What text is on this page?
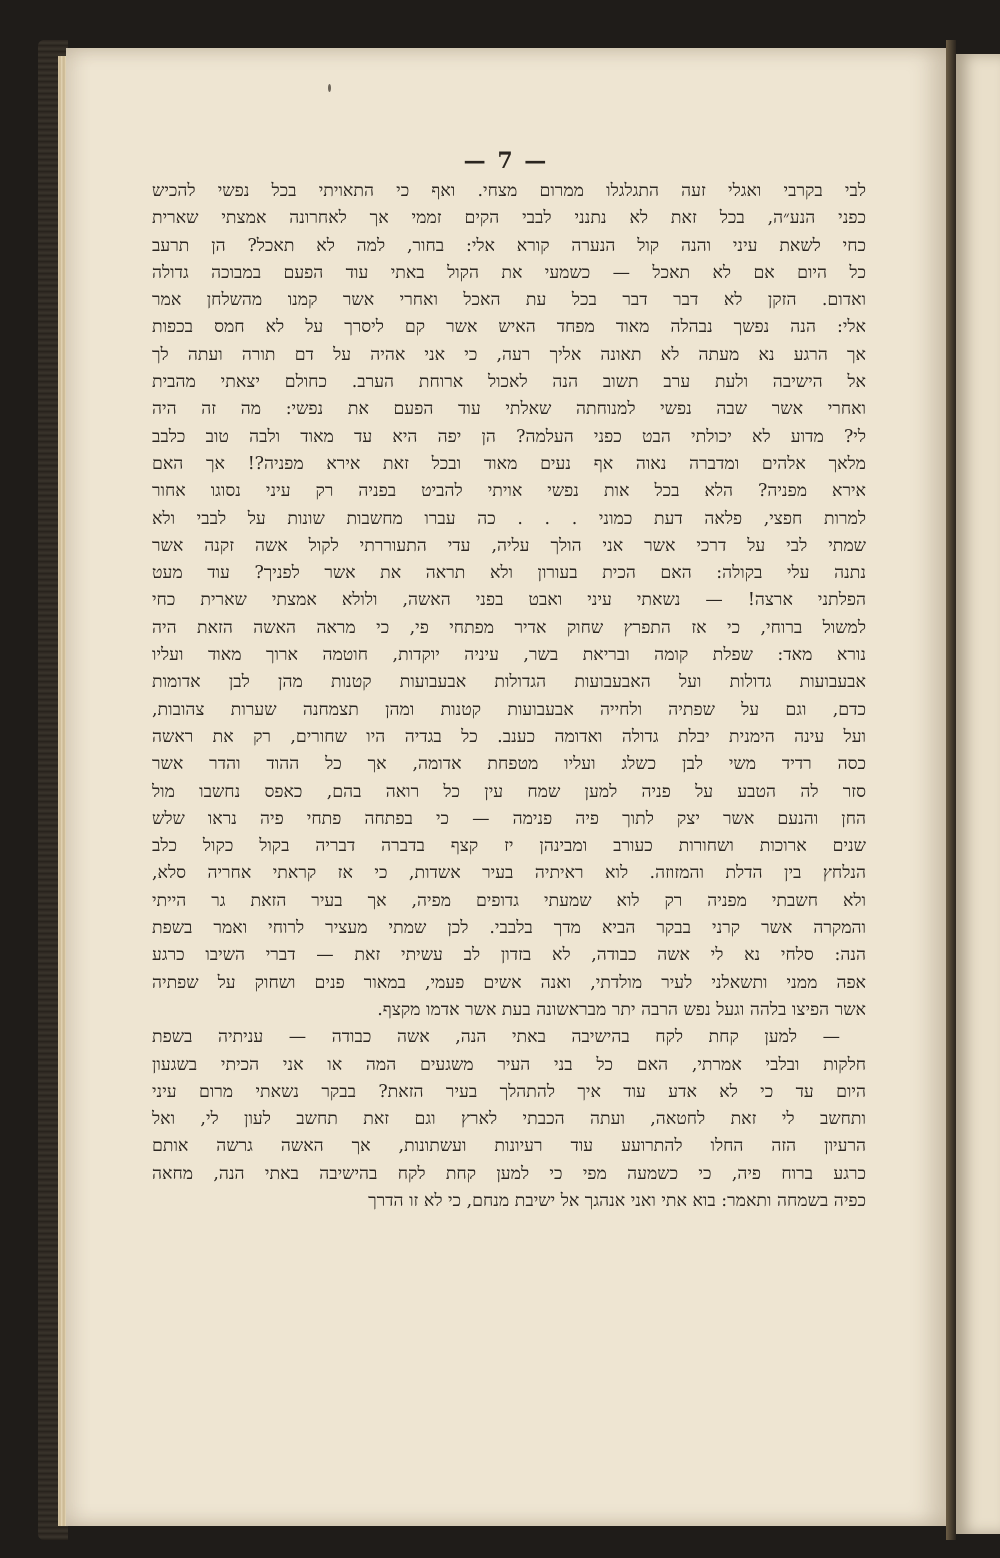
— 7 —
לבי בקרבי ואגלי זעה התגלגלו ממרום מצחי. ואף כי התאויתי בכל נפשי להכיש
כפני הנע״ה, בכל זאת לא נתנני לבבי הקים זממי אך לאחרונה אמצתי שארית
כחי לשאת עיני והנה קול הנערה קורא אלי: בחור, למה לא תאכל? הן תרעב
כל היום אם לא תאכל — כשמעי את הקול באתי עוד הפעם במבוכה גדולה
ואדום. הזקן לא דבר דבר בכל עת האכל ואחרי אשר קמנו מהשלחן אמר
אלי: הנה נפשך נבהלה מאוד מפחד האיש אשר קם ליסרך על לא חמס בכפות
אך הרגע נא מעתה לא תאונה אליך רעה, כי אני אהיה על דם תורה ועתה לך
אל הישיבה ולעת ערב תשוב הנה לאכול ארוחת הערב. כחולם יצאתי מהבית
ואחרי אשר שבה נפשי למנוחתה שאלתי עוד הפעם את נפשי: מה זה היה
לי? מדוע לא יכולתי הבט כפני העלמה? הן יפה היא עד מאוד ולבה טוב כלבב
מלאך אלהים ומדברה נאוה אף נעים מאוד ובכל זאת אירא מפניה?! אך האם
אירא מפניה? הלא בכל אות נפשי אויתי להביט בפניה רק עיני נסוגו אחור
למרות חפצי, פלאה דעת כמוני . . . כה עברו מחשבות שונות על לבבי ולא
שמתי לבי על דרכי אשר אני הולך עליה, עדי התעוררתי לקול אשה זקנה אשר
נתנה עלי בקולה: האם הכית בעורון ולא תראה את אשר לפניך? עוד מעט
הפלתני ארצה! — נשאתי עיני ואבט בפני האשה, ולולא אמצתי שארית כחי
למשול ברוחי, כי אז התפרץ שחוק אדיר מפתחי פי, כי מראה האשה הזאת היה
נורא מאד: שפלת קומה ובריאת בשר, עיניה יוקדות, חוטמה ארוך מאוד ועליו
אבעבועות גדולות ועל האבעבועות הגדולות אבעבועות קטנות מהן לבן אדומות
כדם, וגם על שפתיה ולחייה אבעבועות קטנות ומהן תצמחנה שערות צהובות,
ועל עינה הימנית יבלת גדולה ואדומה כענב. כל בגדיה היו שחורים, רק את ראשה
כסה רדיד משי לבן כשלג ועליו מטפחת אדומה, אך כל ההוד והדר אשר
סזר לה הטבע על פניה למען שמח עין כל רואה בהם, כאפס נחשבו מול
החן והנעם אשר יצק לתוך פיה פנימה — כי בפתחה פתחי פיה נראו שלש
שנים ארוכות ושחורות כעורב ומבינהן יז קצף בדברה דבריה בקול כקול כלב
הנלחץ בין הדלת והמזוזה. לוא ראיתיה בעיר אשדות, כי אז קראתי אחריה סלא,
ולא חשבתי מפניה רק לוא שמעתי גדופים מפיה, אך בעיר הזאת גר הייתי
והמקרה אשר קרני בבקר הביא מדך בלבבי. לכן שמתי מעציר לרוחי ואמר בשפת
הנה: סלחי נא לי אשה כבודה, לא בזדון לב עשיתי זאת — דברי השיבו כרגע
אפה ממני ותשאלני לעיר מולדתי, ואנה אשים פעמי, במאור פנים ושחוק על שפתיה
אשר הפיצו בלהה וגעל נפש הרבה יתר מבראשונה בעת אשר אדמו מקצף.
— למען קחת לקח בהישיבה באתי הנה, אשה כבודה — עניתיה בשפת
חלקות ובלבי אמרתי, האם כל בני העיר משגעים המה או אני הכיתי בשגעון
היום עד כי לא אדע עוד איך להתהלך בעיר הזאת? בבקר נשאתי מרום עיני
ותחשב לי זאת לחטאה, ועתה הכבתי לארץ וגם זאת תחשב לעון לי, ואל
הרעיון הזה החלו להתרועע עוד רעיונות ועשתונות, אך האשה גרשה אותם
כרגע ברוח פיה, כי כשמעה מפי כי למען קחת לקח בהישיבה באתי הנה, מחאה
כפיה בשמחה ותאמר: בוא אתי ואני אנהגך אל ישיבת מנחם, כי לא זו הדרך
